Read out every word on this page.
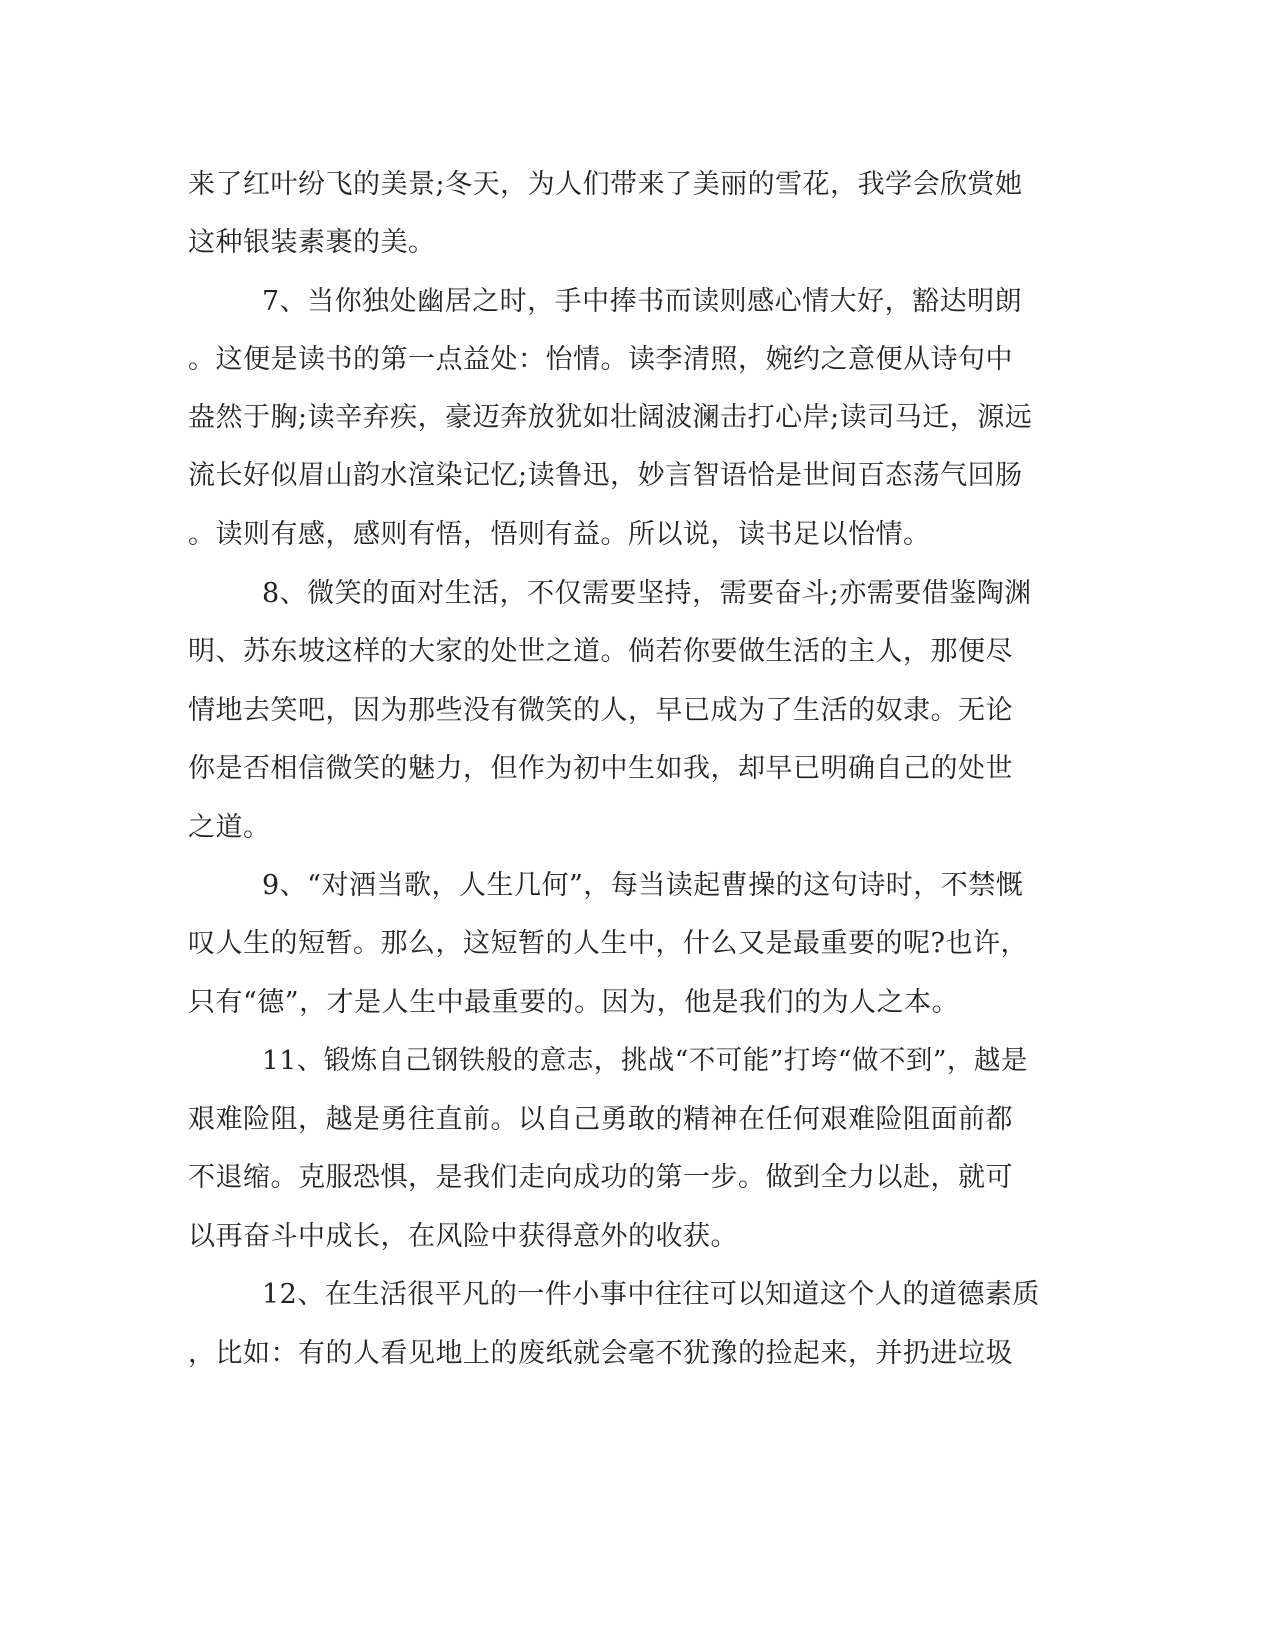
来了红叶纷飞的美景;冬天，为人们带来了美丽的雪花，我学会欣赏她
这种银装素裹的美。
7、当你独处幽居之时，手中捧书而读则感心情大好，豁达明朗
。这便是读书的第一点益处：怡情。读李清照，婉约之意便从诗句中
盎然于胸;读辛弃疾，豪迈奔放犹如壮阔波澜击打心岸;读司马迁，源远
流长好似眉山韵水渲染记忆;读鲁迅，妙言智语恰是世间百态荡气回肠
。读则有感，感则有悟，悟则有益。所以说，读书足以怡情。
8、微笑的面对生活，不仅需要坚持，需要奋斗;亦需要借鉴陶渊
明、苏东坡这样的大家的处世之道。倘若你要做生活的主人，那便尽
情地去笑吧，因为那些没有微笑的人，早已成为了生活的奴隶。无论
你是否相信微笑的魅力，但作为初中生如我，却早已明确自己的处世
之道。
9、“对酒当歌，人生几何”，每当读起曹操的这句诗时，不禁慨
叹人生的短暂。那么，这短暂的人生中，什么又是最重要的呢?也许，
只有“德”，才是人生中最重要的。因为，他是我们的为人之本。
11、锻炼自己钢铁般的意志，挑战“不可能”打垮“做不到”，越是
艰难险阻，越是勇往直前。以自己勇敢的精神在任何艰难险阻面前都
不退缩。克服恐惧，是我们走向成功的第一步。做到全力以赴，就可
以再奋斗中成长，在风险中获得意外的收获。
12、在生活很平凡的一件小事中往往可以知道这个人的道德素质
，比如：有的人看见地上的废纸就会毫不犹豫的捡起来，并扔进垃圾
